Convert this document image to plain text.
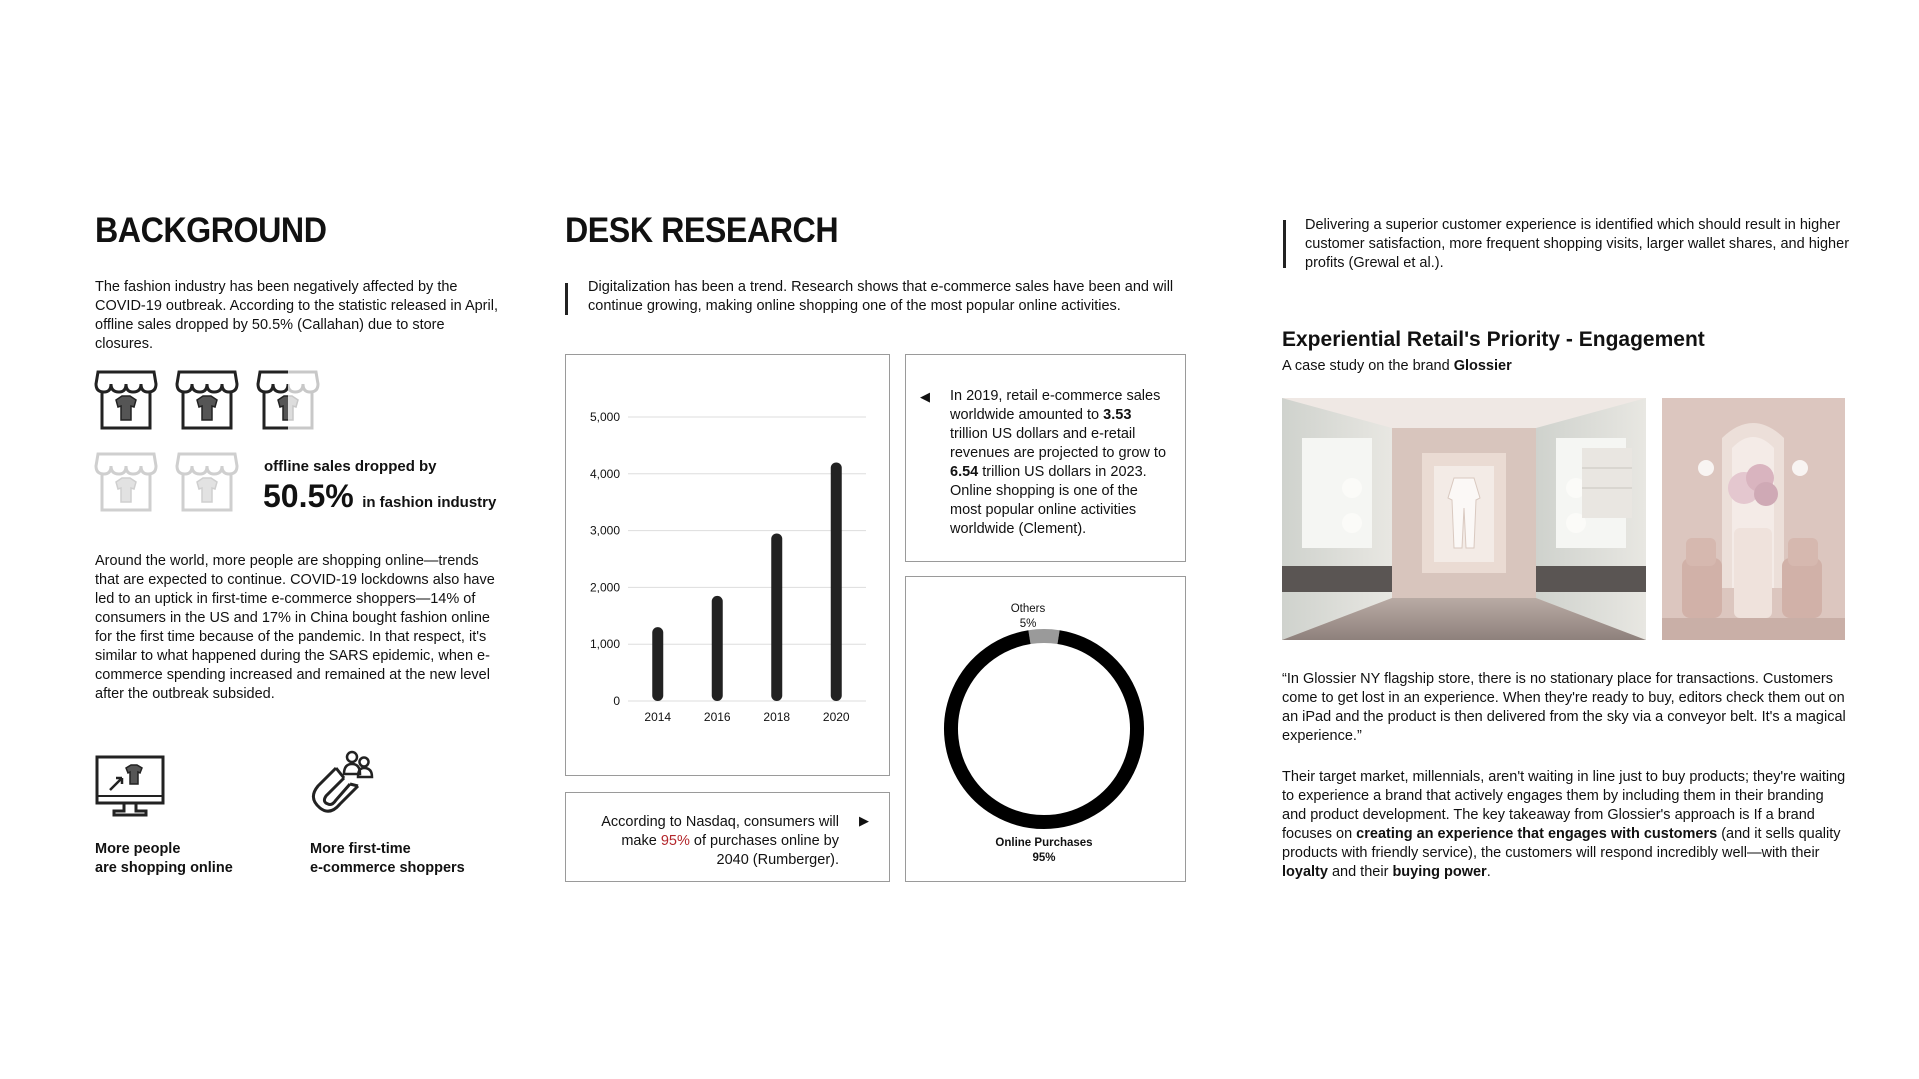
BACKGROUND
The fashion industry has been negatively affected by the COVID-19 outbreak. According to the statistic released in April, offline sales dropped by 50.5% (Callahan) due to store closures.
offline sales dropped by
50.5% in fashion industry
Around the world, more people are shopping online—trends that are expected to continue. COVID-19 lockdowns also have led to an uptick in first-time e-commerce shoppers—14% of consumers in the US and 17% in China bought fashion online for the first time because of the pandemic. In that respect, it's similar to what happened during the SARS epidemic, when e-commerce spending increased and remained at the new level after the outbreak subsided.
More people
are shopping online
More first-time
e-commerce shoppers
DESK RESEARCH
Digitalization has been a trend. Research shows that e-commerce sales have been and will continue growing, making online shopping one of the most popular online activities.
0
1,000
2,000
3,000
4,000
5,000
2014	2016	2018	2020
◀ In 2019, retail e-commerce sales
worldwide amounted to 3.53
trillion US dollars and e-retail
revenues are projected to grow to
6.54 trillion US dollars in 2023.
Online shopping is one of the
most popular online activities
worldwide (Clement).
Others
5%
Online Purchases
95%
According to Nasdaq, consumers will
make 95% of purchases online by
2040 (Rumberger).
▶
Delivering a superior customer experience is identified which should result in higher customer satisfaction, more frequent shopping visits, larger wallet shares, and higher profits (Grewal et al.).
Experiential Retail's Priority - Engagement
A case study on the brand Glossier
“In Glossier NY flagship store, there is no stationary place for transactions. Customers come to get lost in an experience. When they're ready to buy, editors check them out on an iPad and the product is then delivered from the sky via a conveyor belt. It's a magical experience.”
Their target market, millennials, aren't waiting in line just to buy products; they're waiting to experience a brand that actively engages them by including them in their branding and product development. The key takeaway from Glossier's approach is If a brand focuses on creating an experience that engages with customers (and it sells quality products with friendly service), the customers will respond incredibly well—with their loyalty and their buying power.
